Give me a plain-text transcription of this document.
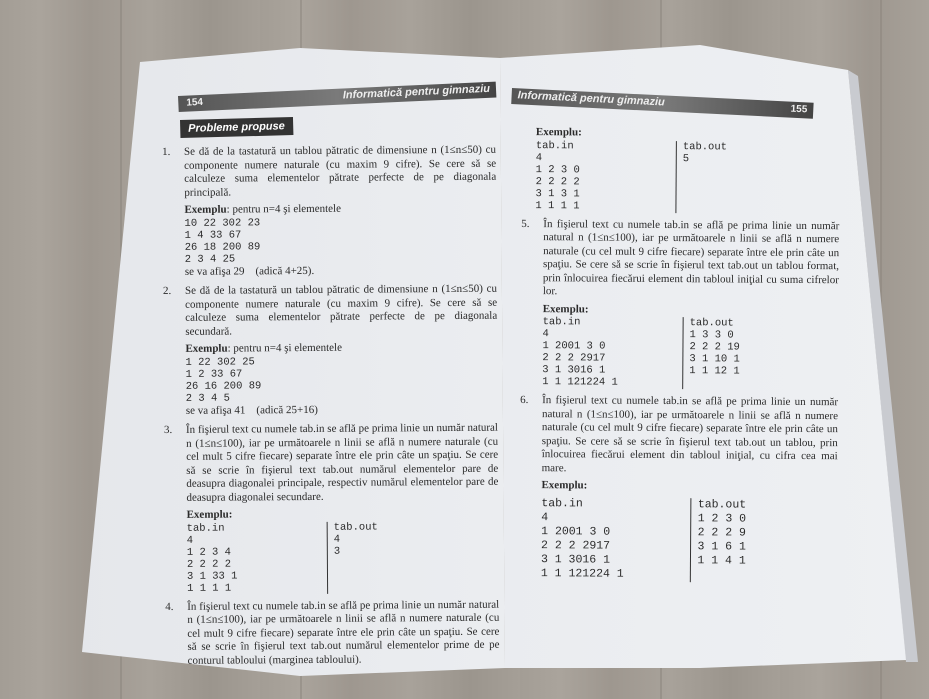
154
Informatică pentru gimnaziu
Probleme propuse
1.	Se dă de la tastatură un tablou pătratic de dimensiune n (1≤n≤50) cu componente numere naturale (cu maxim 9 cifre). Se cere să se calculeze suma elementelor pătrate perfecte de pe diagonala principală.

Exemplu: pentru n=4 şi elementele
10 22 302 23
1 4 33 67
26 18 200 89
2 3 4 25
se va afişa 29    (adică 4+25).
2.	Se dă de la tastatură un tablou pătratic de dimensiune n (1≤n≤50) cu componente numere naturale (cu maxim 9 cifre). Se cere să se calculeze suma elementelor pătrate perfecte de pe diagonala secundară.

Exemplu: pentru n=4 şi elementele
1 22 302 25
1 2 33 67
26 16 200 89
2 3 4 5
se va afişa 41    (adică 25+16)
3.	În fişierul text cu numele tab.in se află pe prima linie un număr natural n (1≤n≤100), iar pe următoarele n linii se află n numere naturale (cu cel mult 5 cifre fiecare) separate între ele prin câte un spaţiu. Se cere să se scrie în fişierul text tab.out numărul elementelor pare de deasupra diagonalei principale, respectiv numărul elementelor pare de deasupra diagonalei secundare.

Exemplu:
tab.in
4
1 2 3 4
2 2 2 2
3 1 33 1
1 1 1 1
tab.out
4
3
4.	În fişierul text cu numele tab.in se află pe prima linie un număr natural n (1≤n≤100), iar pe următoarele n linii se află n numere naturale (cu cel mult 9 cifre fiecare) separate între ele prin câte un spaţiu. Se cere să se scrie în fişierul text tab.out numărul elementelor prime de pe conturul tabloului (marginea tabloului).

Informatică pentru gimnaziu
155
Exemplu:
tab.in
4
1 2 3 0
2 2 2 2
3 1 3 1
1 1 1 1
tab.out
5
5.	În fişierul text cu numele tab.in se află pe prima linie un număr natural n (1≤n≤100), iar pe următoarele n linii se află n numere naturale (cu cel mult 9 cifre fiecare) separate între ele prin câte un spaţiu. Se cere să se scrie în fişierul text tab.out un tablou format, prin înlocuirea fiecărui element din tabloul iniţial cu suma cifrelor lor.

Exemplu:
tab.in
4
1 2001 3 0
2 2 2 2917
3 1 3016 1
1 1 121224 1
tab.out
1 3 3 0
2 2 2 19
3 1 10 1
1 1 12 1
6.	În fişierul text cu numele tab.in se află pe prima linie un număr natural n (1≤n≤100), iar pe următoarele n linii se află n numere naturale (cu cel mult 9 cifre fiecare) separate între ele prin câte un spaţiu. Se cere să se scrie în fişierul text tab.out un tablou, prin înlocuirea fiecărui element din tabloul iniţial, cu cifra cea mai mare.

Exemplu:
tab.in
4
1 2001 3 0
2 2 2 2917
3 1 3016 1
1 1 121224 1
tab.out
1 2 3 0
2 2 2 9
3 1 6 1
1 1 4 1
